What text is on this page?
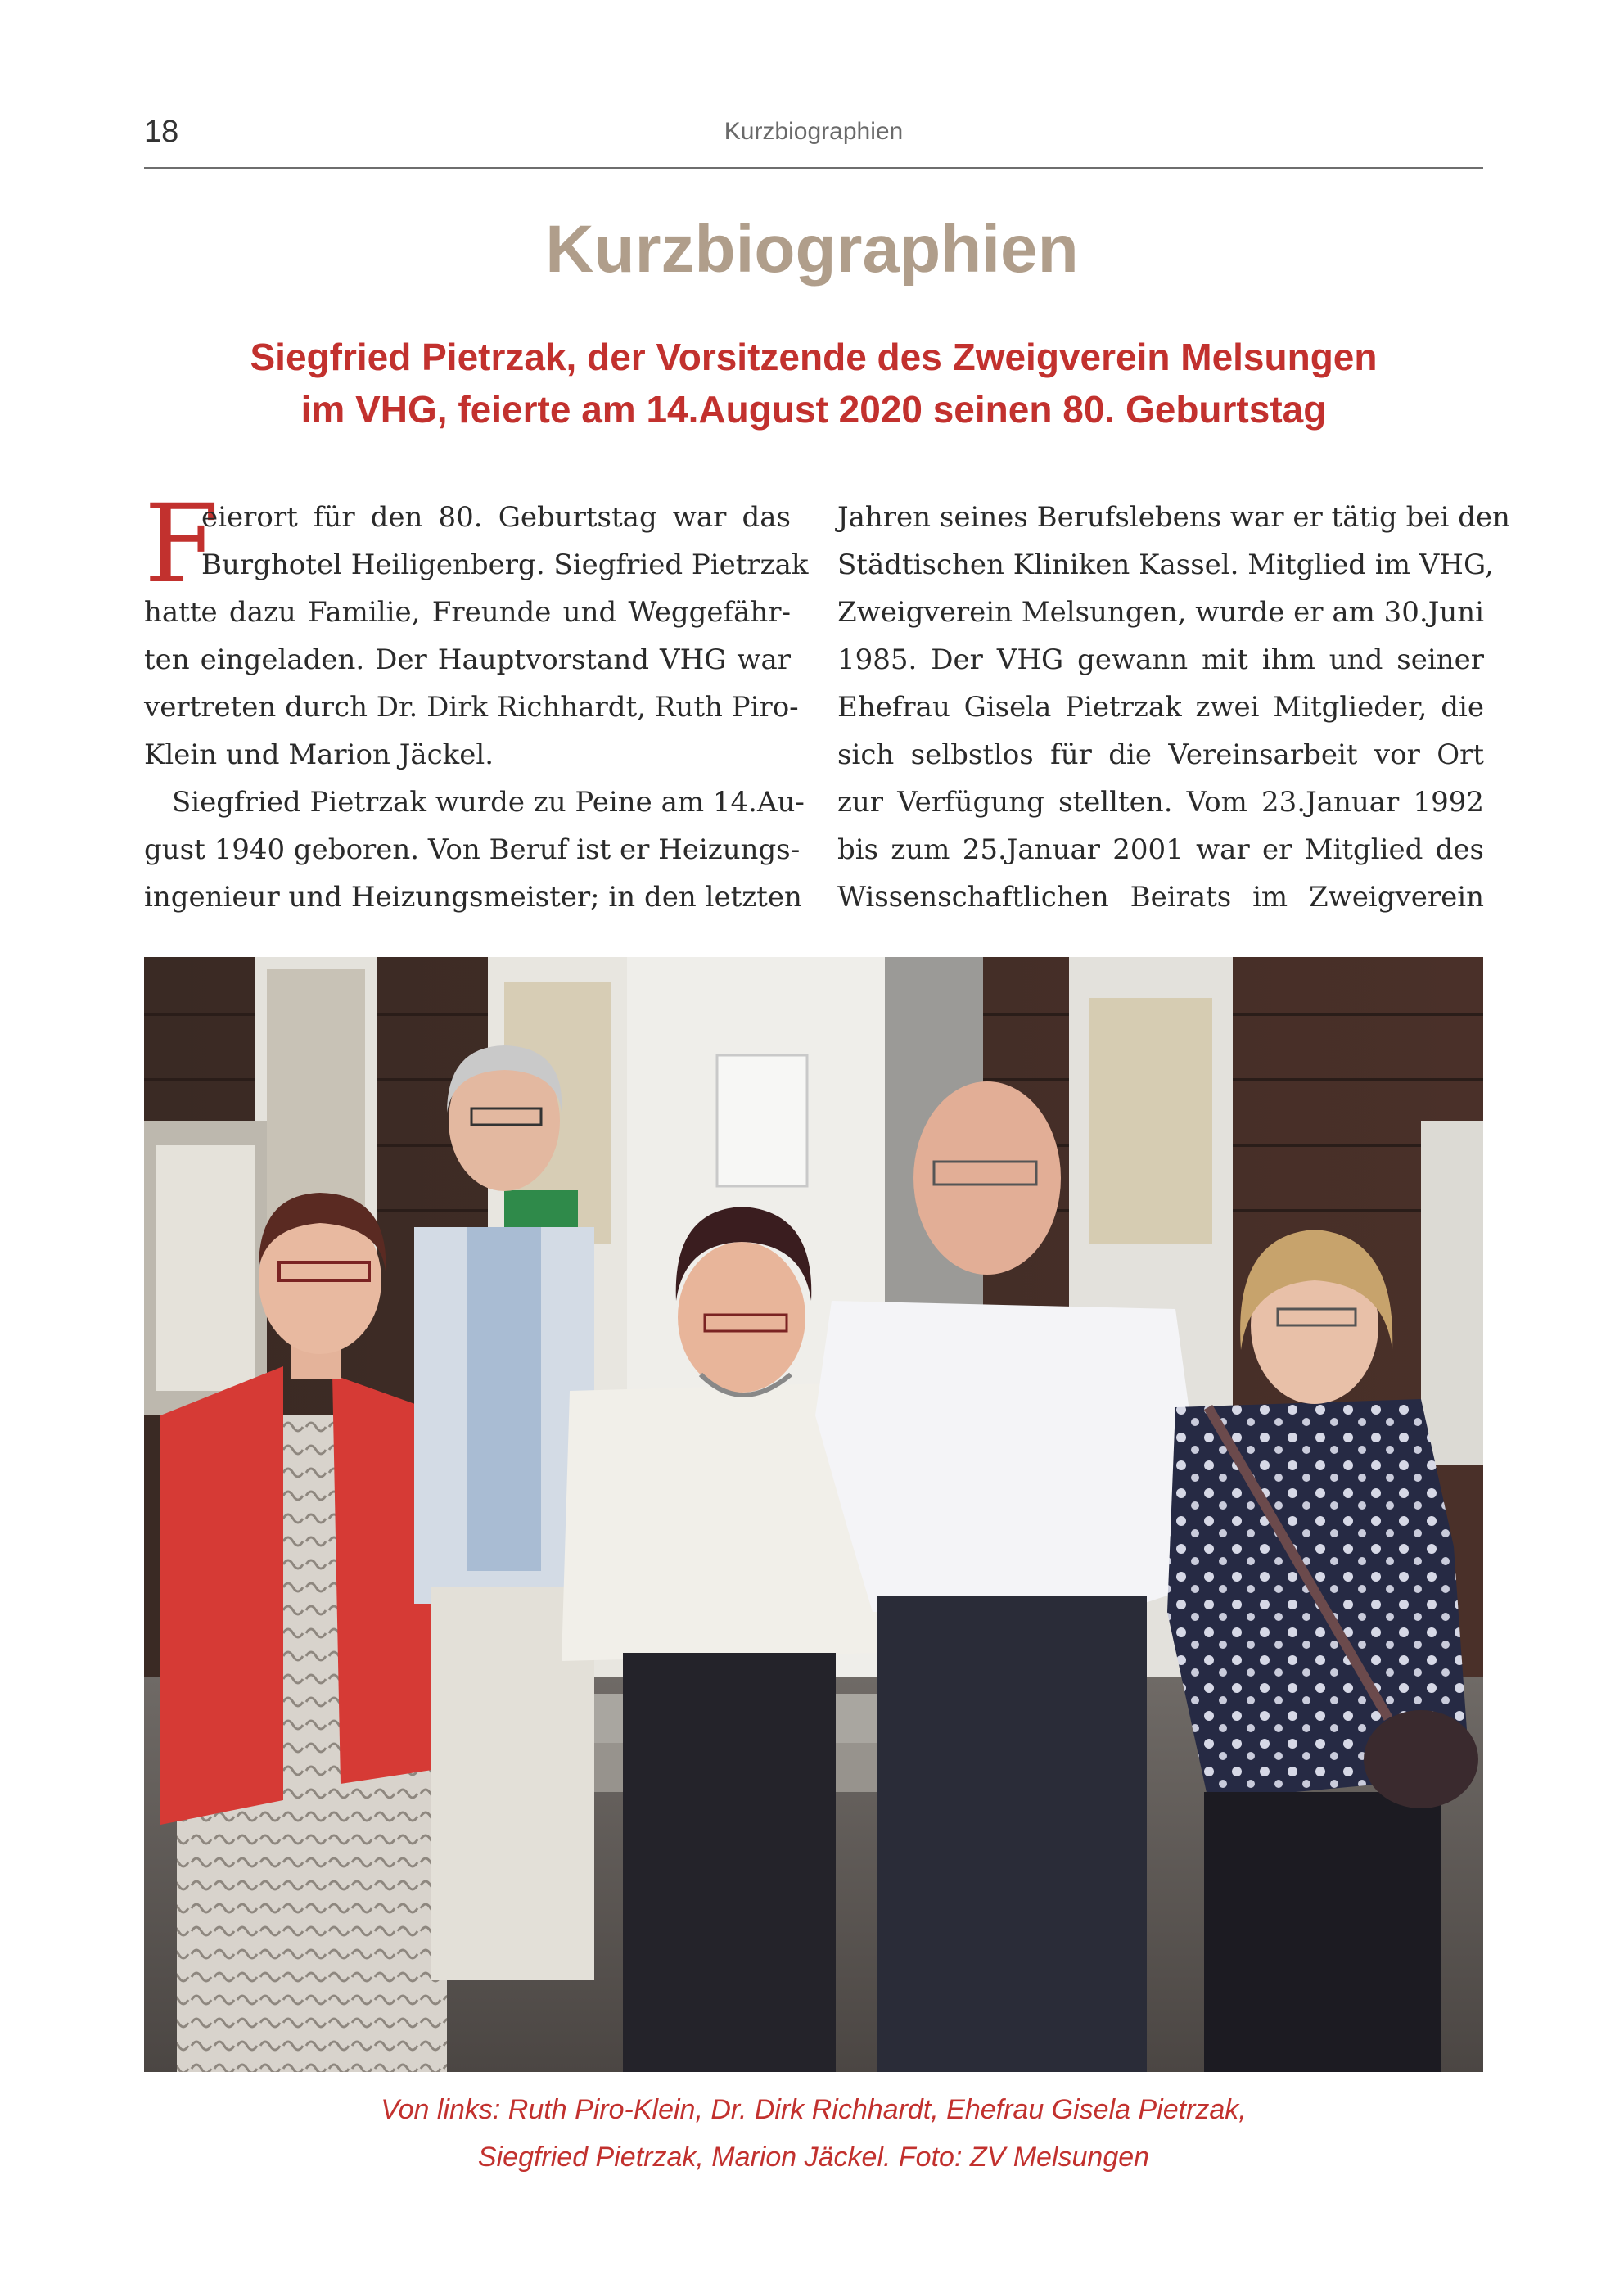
18	Kurzbiographien
Kurzbiographien
Siegfried Pietrzak, der Vorsitzende des Zweigverein Melsungen
im VHG, feierte am 14.August 2020 seinen 80. Geburtstag
F
eierort für den 80. Geburtstag war das
Burghotel Heiligenberg. Siegfried Pietrzak
hatte dazu Familie, Freunde und Weggefähr-
ten eingeladen. Der Hauptvorstand VHG war
vertreten durch Dr. Dirk Richhardt, Ruth Piro-
Klein und Marion Jäckel.
Siegfried Pietrzak wurde zu Peine am 14.Au-
gust 1940 geboren. Von Beruf ist er Heizungs-
ingenieur und Heizungsmeister; in den letzten
Jahren seines Berufslebens war er tätig bei den
Städtischen Kliniken Kassel. Mitglied im VHG,
Zweigverein Melsungen, wurde er am 30.Juni
1985. Der VHG gewann mit ihm und seiner
Ehefrau Gisela Pietrzak zwei Mitglieder, die
sich selbstlos für die Vereinsarbeit vor Ort
zur Verfügung stellten. Vom 23.Januar 1992
bis zum 25.Januar 2001 war er Mitglied des
Wissenschaftlichen Beirats im Zweigverein

Von links: Ruth Piro-Klein, Dr. Dirk Richhardt, Ehefrau Gisela Pietrzak,
Siegfried Pietrzak, Marion Jäckel. Foto: ZV Melsungen
